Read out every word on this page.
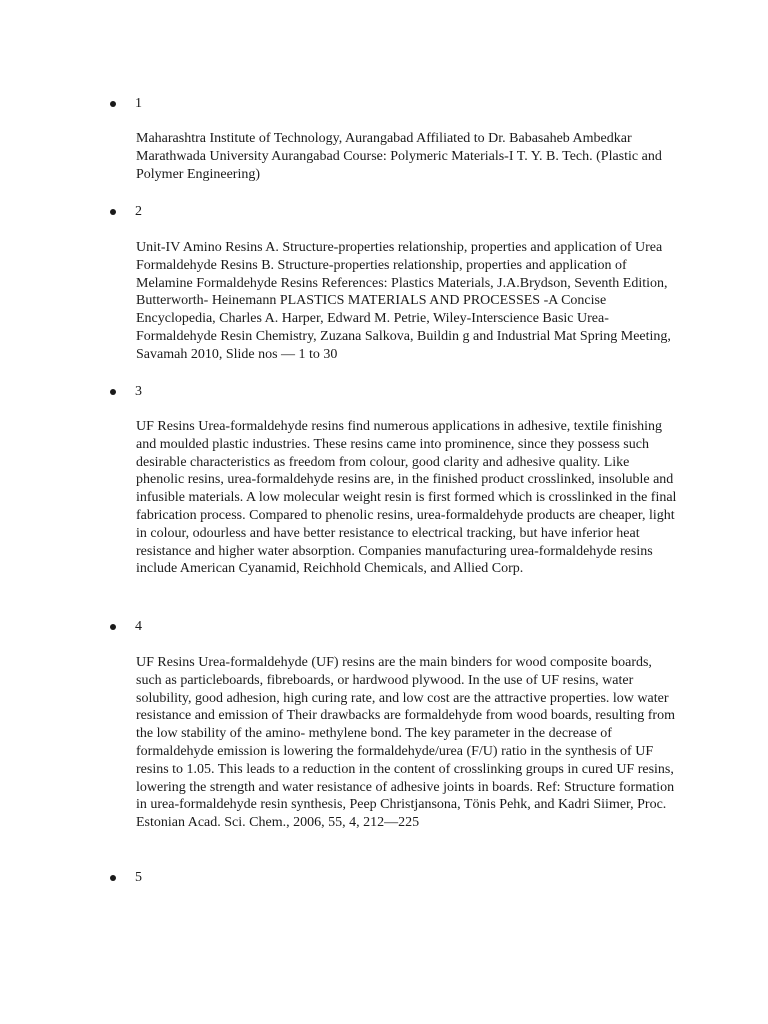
1

Maharashtra Institute of Technology, Aurangabad Affiliated to Dr. Babasaheb Ambedkar Marathwada University Aurangabad Course: Polymeric Materials-I T. Y. B. Tech. (Plastic and Polymer Engineering)

2

Unit-IV Amino Resins A. Structure-properties relationship, properties and application of Urea Formaldehyde Resins B. Structure-properties relationship, properties and application of Melamine Formaldehyde Resins References: Plastics Materials, J.A.Brydson, Seventh Edition, Butterworth- Heinemann PLASTICS MATERIALS AND PROCESSES -A Concise Encyclopedia, Charles A. Harper, Edward M. Petrie, Wiley-Interscience Basic Urea- Formaldehyde Resin Chemistry, Zuzana Salkova, Buildin g and Industrial Mat Spring Meeting, Savamah 2010, Slide nos — 1 to 30

3

UF Resins Urea-formaldehyde resins find numerous applications in adhesive, textile finishing and moulded plastic industries. These resins came into prominence, since they possess such desirable characteristics as freedom from colour, good clarity and adhesive quality. Like phenolic resins, urea-formaldehyde resins are, in the finished product crosslinked, insoluble and infusible materials. A low molecular weight resin is first formed which is crosslinked in the final fabrication process. Compared to phenolic resins, urea-formaldehyde products are cheaper, light in colour, odourless and have better resistance to electrical tracking, but have inferior heat resistance and higher water absorption. Companies manufacturing urea-formaldehyde resins include American Cyanamid, Reichhold Chemicals, and Allied Corp.

4

UF Resins Urea-formaldehyde (UF) resins are the main binders for wood composite boards, such as particleboards, fibreboards, or hardwood plywood. In the use of UF resins, water solubility, good adhesion, high curing rate, and low cost are the attractive properties. low water resistance and emission of Their drawbacks are formaldehyde from wood boards, resulting from the low stability of the amino- methylene bond. The key parameter in the decrease of formaldehyde emission is lowering the formaldehyde/urea (F/U) ratio in the synthesis of UF resins to 1.05. This leads to a reduction in the content of crosslinking groups in cured UF resins, lowering the strength and water resistance of adhesive joints in boards. Ref: Structure formation in urea-formaldehyde resin synthesis, Peep Christjansona, Tönis Pehk, and Kadri Siimer, Proc. Estonian Acad. Sci. Chem., 2006, 55, 4, 212—225

5
